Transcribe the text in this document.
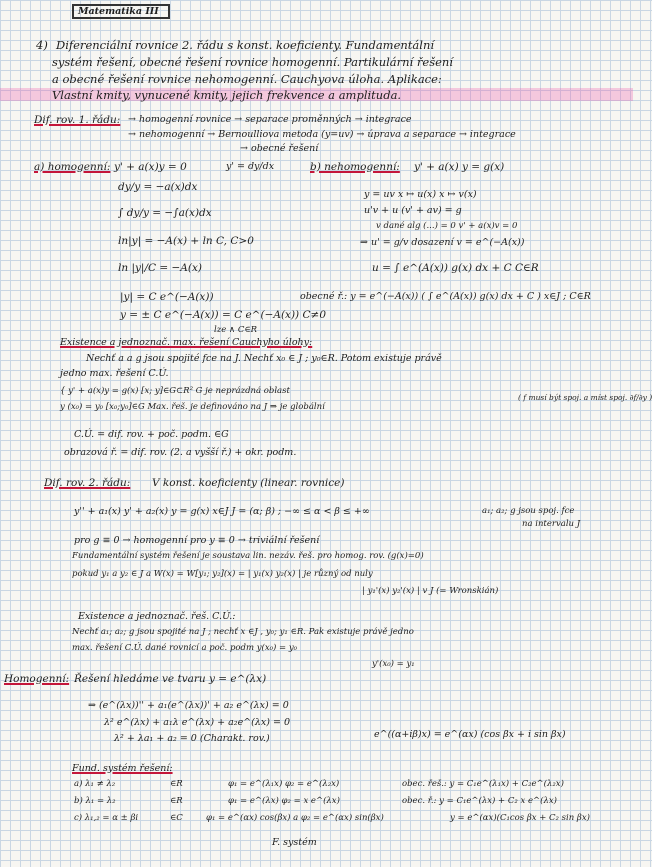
Matematika III
4) Diferenciální rovnice 2. řádu s konst. koeficienty. Fundamentální
systém řešení, obecné řešení rovnice homogenní. Partikulární řešení
a obecné řešení rovnice nehomogenní. Cauchyova úloha. Aplikace:
Vlastní kmity, vynucené kmity, jejich frekvence a amplituda.
Dif. rov. 1. řádu: → homogenní rovnice → separace proměnných → integrace
→ nehomogenní → Bernoulliova metoda (y=uv) → úprava a separace → integrace
→ obecné řešení
a) homogenní: y' + a(x)y = 0	y' = dy/dx
dy/y = −a(x)dx
∫ dy/y = −∫a(x)dx
ln|y| = −A(x) + ln C, C>0
ln |y|/C = −A(x)
|y| = C e^(−A(x))
y = ± C e^(−A(x)) = C e^(−A(x)) C≠0
lze ∧ C∈R
b) nehomogenní: y' + a(x) y = g(x)
y = uv x ↦ u(x) x ↦ v(x)
u'v + u (v' + av) = g
v dané alg (...) = 0 v' + a(x)v = 0
⇒ u' = g/v dosazení v = e^(−A(x))
u = ∫ e^(A(x)) g(x) dx + C C∈R
obecné ř.: y = e^(−A(x)) ( ∫ e^(A(x)) g(x) dx + C ) x∈J ; C∈R
Existence a jednoznač. max. řešení Cauchyho úlohy:
Nechť a a g jsou spojité fce na J. Nechť x₀ ∈ J ; y₀∈R. Potom existuje právě
jedno max. řešení C.Ú.
{ y' + a(x)y = g(x) [x; y]∈G⊂R² G je neprázdná oblast
y (x₀) = y₀ [x₀;y₀]∈G Max. řeš. je definováno na J ⇒ je globální
( f musí být spoj. a míst spoj. ∂f/∂y )
C.Ú. = dif. rov. + poč. podm. ∈G
obrazová ř. = dif. rov. (2. a vyšší ř.) + okr. podm.
Dif. rov. 2. řádu: V konst. koeficienty (linear. rovnice)
y'' + a₁(x) y' + a₂(x) y = g(x) x∈J J = (α; β) ; −∞ ≤ α < β ≤ +∞	a₁; a₂; g jsou spoj. fce
na intervalu J
pro g ≡ 0 → homogenní pro y ≡ 0 → triviální řešení
Fundamentální systém řešení je soustava lin. nezáv. řeš. pro homog. rov. (g(x)=0)
pokud y₁ a y₂ ∈ J a W(x) = W[y₁; y₂](x) = | y₁(x) y₂(x) | je různý od nuly
| y₁'(x) y₂'(x) | v J (= Wronskián)
Existence a jednoznač. řeš. C.Ú.:
Nechť a₁; a₂; g jsou spojité na J ; nechť x ∈J , y₀; y₁ ∈R. Pak existuje právě jedno
max. řešení C.Ú. dané rovnicí a poč. podm y(x₀) = y₀
y'(x₀) = y₁
Homogenní: Řešení hledáme ve tvaru y = e^(λx)
⇒ (e^(λx))'' + a₁(e^(λx))' + a₂ e^(λx) = 0
λ² e^(λx) + a₁λ e^(λx) + a₂e^(λx) = 0
λ² + λa₁ + a₂ = 0 (Charakt. rov.)	e^((α+iβ)x) = e^(αx) (cos βx + i sin βx)
Fund. systém řešení:
a) λ₁ ≠ λ₂	∈R	φ₁ = e^(λ₁x) φ₂ = e^(λ₂x)	obec. řeš.: y = C₁e^(λ₁x) + C₂e^(λ₂x)
b) λ₁ = λ₂	∈R	φ₁ = e^(λx) φ₂ = x e^(λx)	obec. ř.: y = C₁e^(λx) + C₂ x e^(λx)
c) λ₁,₂ = α ± βi	∈C	φ₁ = e^(αx) cos(βx) a φ₂ = e^(αx) sin(βx)	y = e^(αx)(C₁cos βx + C₂ sin βx)
F. systém
